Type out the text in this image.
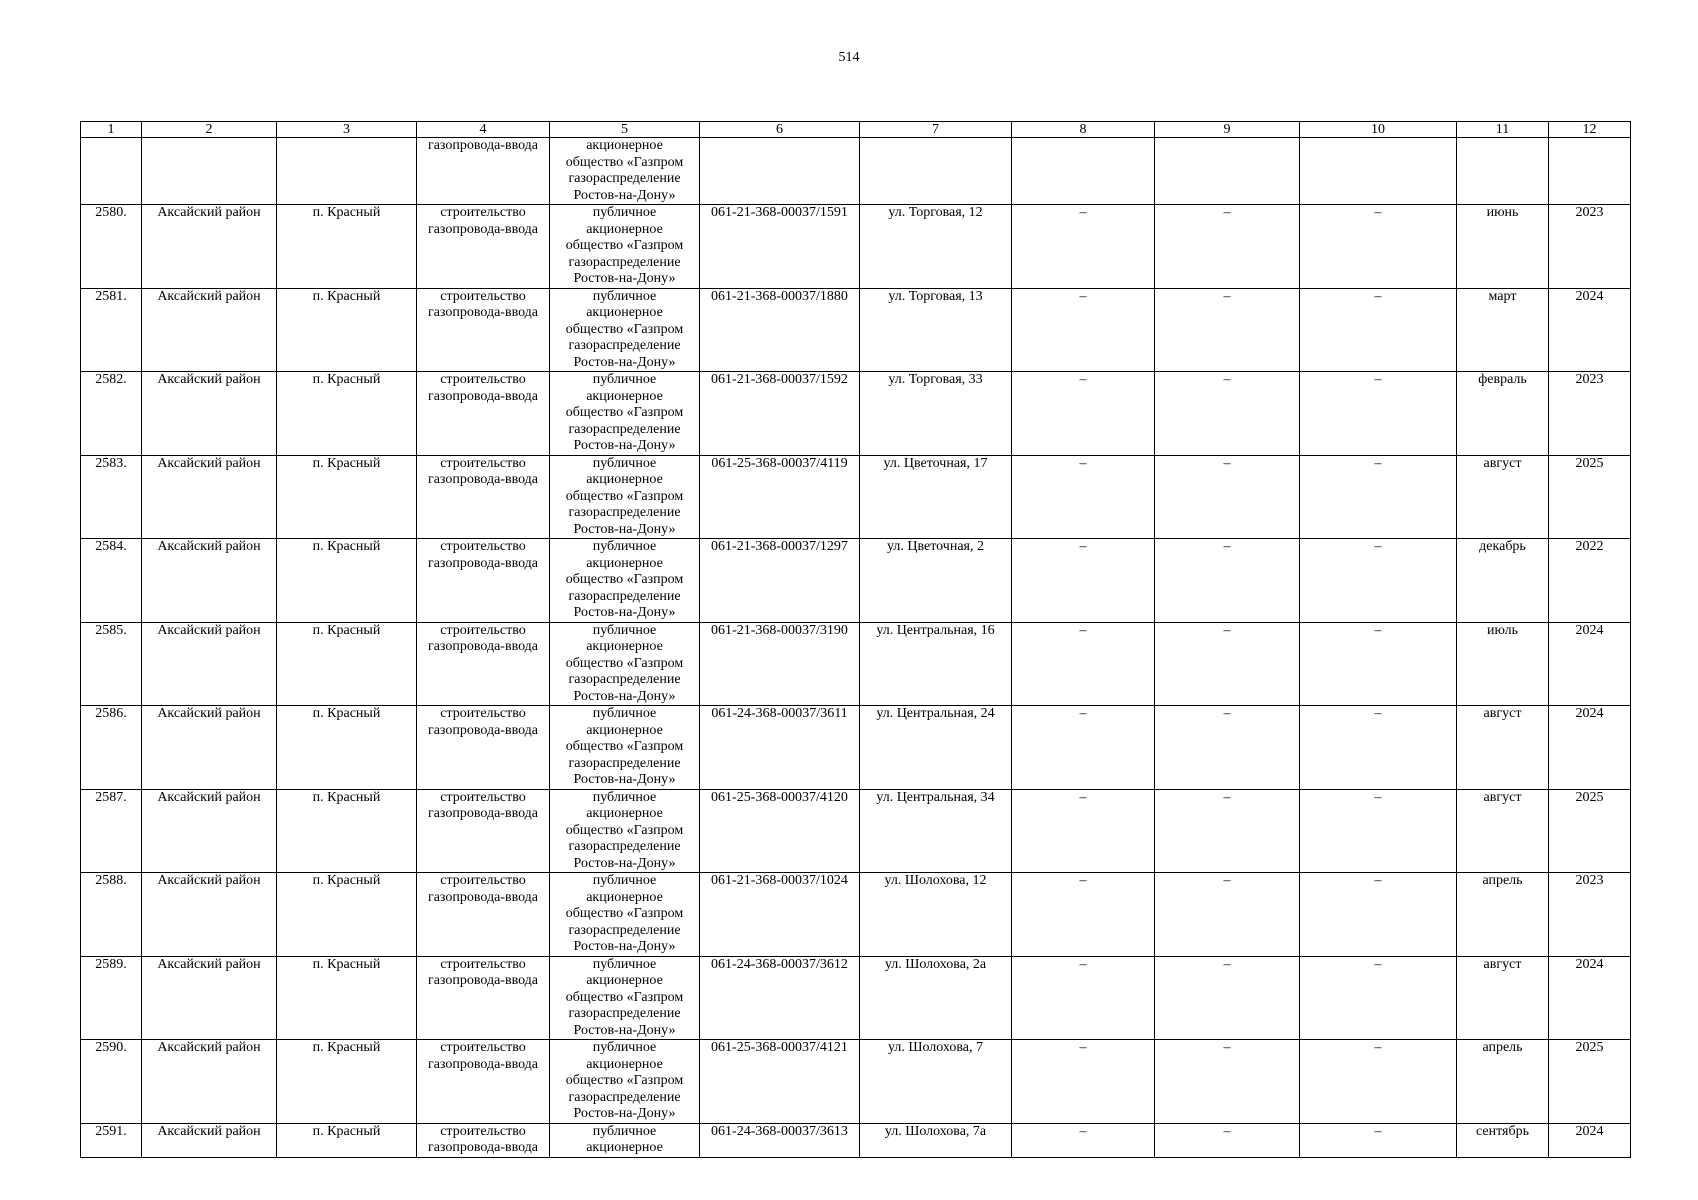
514
1	2	3	4	5	6	7	8	9	10	11	12
			газопровода-ввода	акционерное
общество «Газпром
газораспределение
Ростов-на-Дону»							
2580.	Аксайский район	п. Красный	строительство газопровода-ввода	публичное
акционерное
общество «Газпром
газораспределение
Ростов-на-Дону»	061-21-368-00037/1591	ул. Торговая, 12	–	–	–	июнь	2023
2581.	Аксайский район	п. Красный	строительство газопровода-ввода	публичное
акционерное
общество «Газпром
газораспределение
Ростов-на-Дону»	061-21-368-00037/1880	ул. Торговая, 13	–	–	–	март	2024
2582.	Аксайский район	п. Красный	строительство газопровода-ввода	публичное
акционерное
общество «Газпром
газораспределение
Ростов-на-Дону»	061-21-368-00037/1592	ул. Торговая, 33	–	–	–	февраль	2023
2583.	Аксайский район	п. Красный	строительство газопровода-ввода	публичное
акционерное
общество «Газпром
газораспределение
Ростов-на-Дону»	061-25-368-00037/4119	ул. Цветочная, 17	–	–	–	август	2025
2584.	Аксайский район	п. Красный	строительство газопровода-ввода	публичное
акционерное
общество «Газпром
газораспределение
Ростов-на-Дону»	061-21-368-00037/1297	ул. Цветочная, 2	–	–	–	декабрь	2022
2585.	Аксайский район	п. Красный	строительство газопровода-ввода	публичное
акционерное
общество «Газпром
газораспределение
Ростов-на-Дону»	061-21-368-00037/3190	ул. Центральная, 16	–	–	–	июль	2024
2586.	Аксайский район	п. Красный	строительство газопровода-ввода	публичное
акционерное
общество «Газпром
газораспределение
Ростов-на-Дону»	061-24-368-00037/3611	ул. Центральная, 24	–	–	–	август	2024
2587.	Аксайский район	п. Красный	строительство газопровода-ввода	публичное
акционерное
общество «Газпром
газораспределение
Ростов-на-Дону»	061-25-368-00037/4120	ул. Центральная, 34	–	–	–	август	2025
2588.	Аксайский район	п. Красный	строительство газопровода-ввода	публичное
акционерное
общество «Газпром
газораспределение
Ростов-на-Дону»	061-21-368-00037/1024	ул. Шолохова, 12	–	–	–	апрель	2023
2589.	Аксайский район	п. Красный	строительство газопровода-ввода	публичное
акционерное
общество «Газпром
газораспределение
Ростов-на-Дону»	061-24-368-00037/3612	ул. Шолохова, 2а	–	–	–	август	2024
2590.	Аксайский район	п. Красный	строительство газопровода-ввода	публичное
акционерное
общество «Газпром
газораспределение
Ростов-на-Дону»	061-25-368-00037/4121	ул. Шолохова, 7	–	–	–	апрель	2025
2591.	Аксайский район	п. Красный	строительство газопровода-ввода	публичное
акционерное	061-24-368-00037/3613	ул. Шолохова, 7а	–	–	–	сентябрь	2024
